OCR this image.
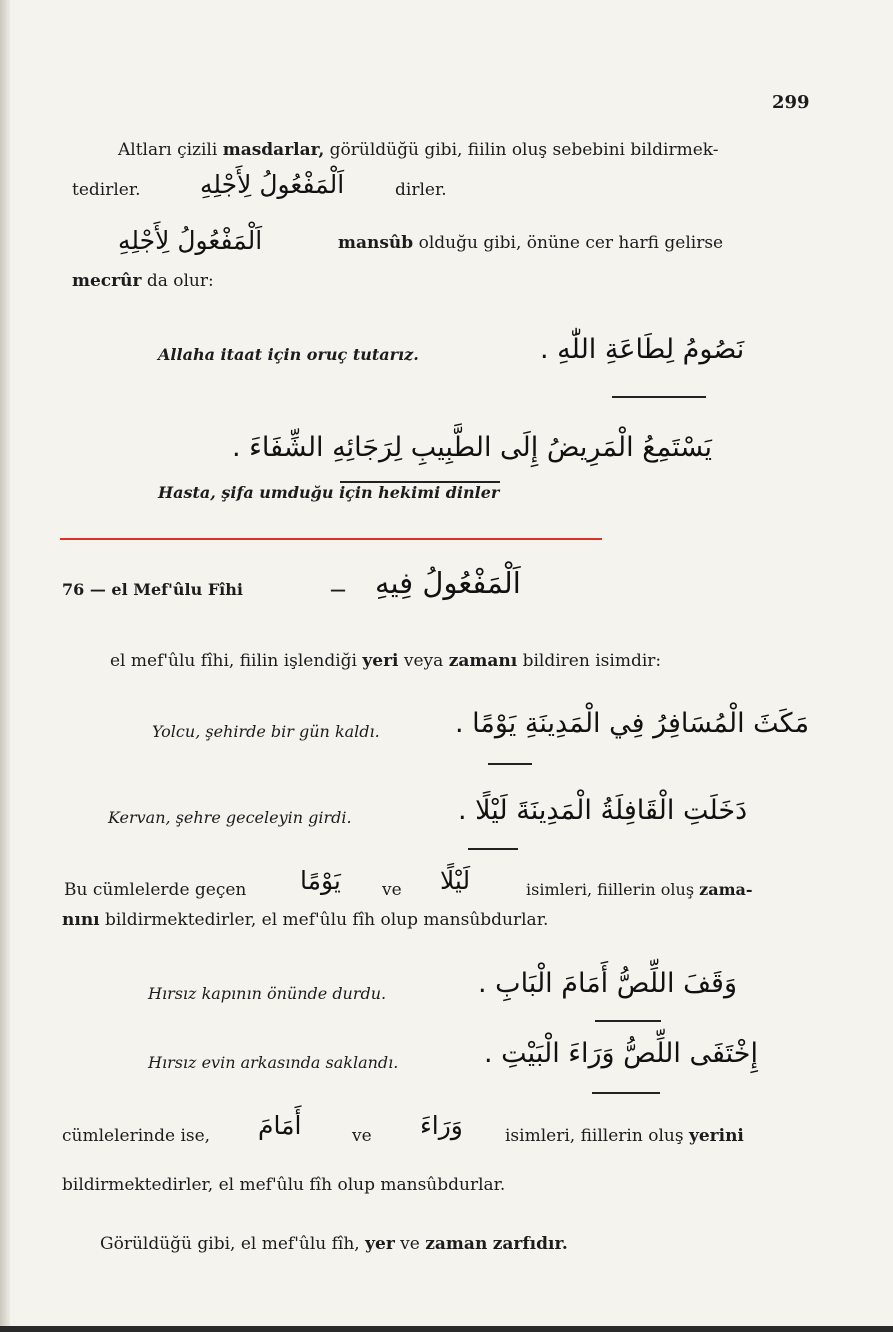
299
Altları çizili masdarlar, görüldüğü gibi, fiilin oluş sebebini bildirmek-
tedirler. اَلْمَفْعُولُ لِأَجْلِهِ	dirler.
اَلْمَفْعُولُ لِأَجْلِهِ	mansûb olduğu gibi, önüne cer harfi gelirse
mecrûr da olur:
Allaha itaat için oruç tutarız.	نَصُومُ لِطَاعَةِ اللّٰهِ .
يَسْتَمِعُ الْمَرِيضُ إِلَى الطَّبِيبِ لِرَجَائِهِ الشِّفَاءَ .
Hasta, şifa umduğu için hekimi dinler
76 — el Mef'ûlu Fîhi	— اَلْمَفْعُولُ فِيهِ
el mef'ûlu fîhi, fiilin işlendiği yeri veya zamanı bildiren isimdir:
Yolcu, şehirde bir gün kaldı.	مَكَثَ الْمُسَافِرُ فِي الْمَدِينَةِ يَوْمًا .
Kervan, şehre geceleyin girdi.	دَخَلَتِ الْقَافِلَةُ الْمَدِينَةَ لَيْلًا .
Bu cümlelerde geçen يَوْمًا ve لَيْلًا	isimleri, fiillerin oluş zama-
nını bildirmektedirler, el mef'ûlu fîh olup mansûbdurlar.
Hırsız kapının önünde durdu.	وَقَفَ اللِّصُّ أَمَامَ الْبَابِ .
Hırsız evin arkasında saklandı.	إِخْتَفَى اللِّصُّ وَرَاءَ الْبَيْتِ .
cümlelerinde ise, أَمَامَ	ve وَرَاءَ isimleri, fiillerin oluş yerini
bildirmektedirler, el mef'ûlu fîh olup mansûbdurlar.
Görüldüğü gibi, el mef'ûlu fîh, yer ve zaman zarfıdır.
